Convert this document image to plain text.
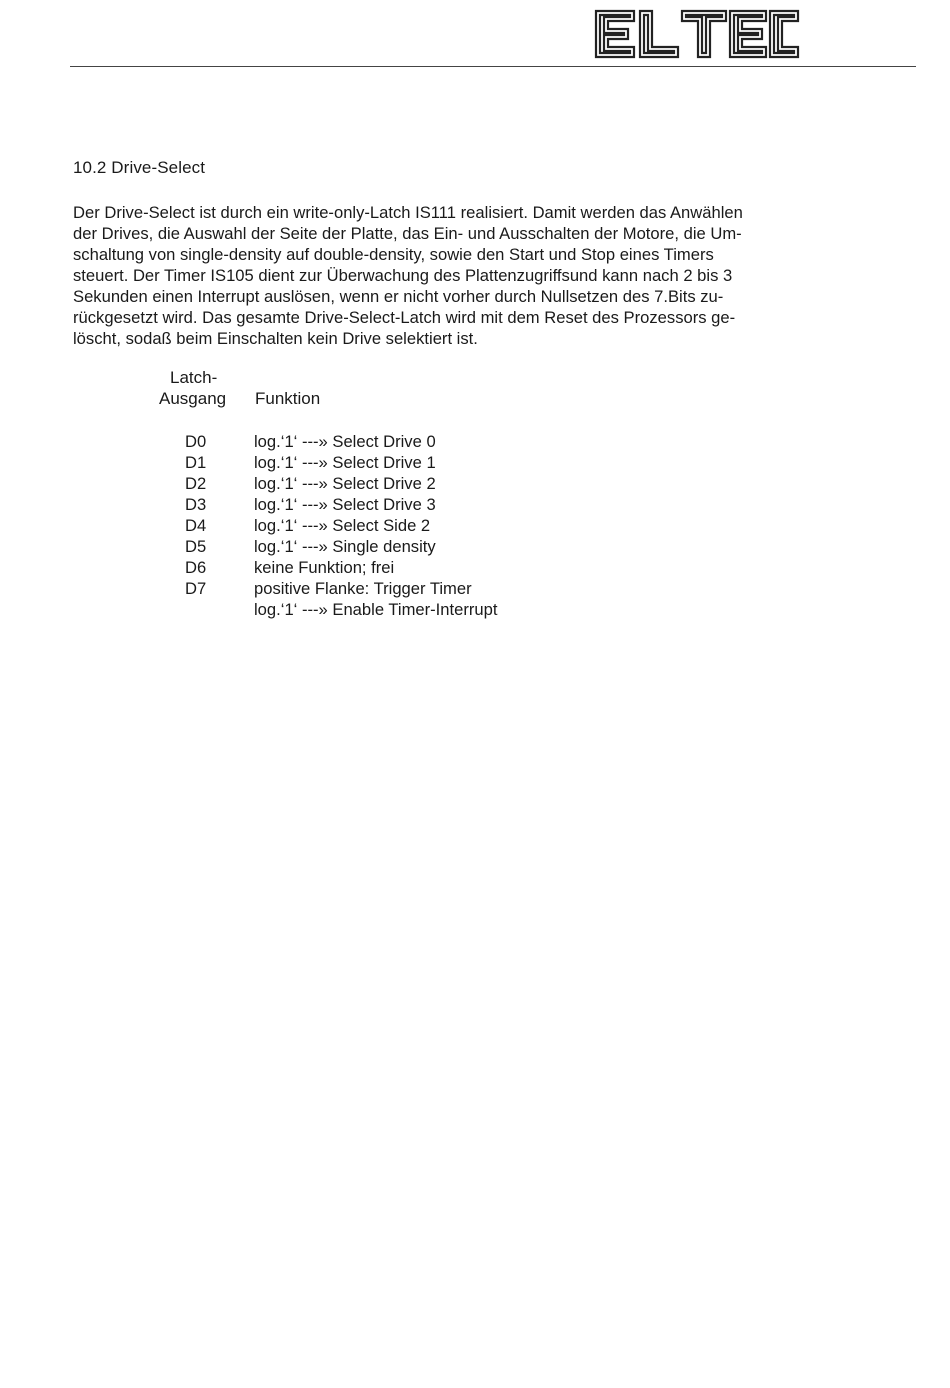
10.2 Drive-Select
Der Drive-Select ist durch ein write-only-Latch IS111 realisiert. Damit werden das Anwählen
der Drives, die Auswahl der Seite der Platte, das Ein- und Ausschalten der Motore, die Um-
schaltung von single-density auf double-density, sowie den Start und Stop eines Timers
steuert. Der Timer IS105 dient zur Überwachung des Plattenzugriffsund kann nach 2 bis 3
Sekunden einen Interrupt auslösen, wenn er nicht vorher durch Nullsetzen des 7.Bits zu-
rückgesetzt wird. Das gesamte Drive-Select-Latch wird mit dem Reset des Prozessors ge-
löscht, sodaß beim Einschalten kein Drive selektiert ist.
Latch-
Ausgang Funktion
D0	log.‘1‘ ---» Select Drive 0
D1	log.‘1‘ ---» Select Drive 1
D2	log.‘1‘ ---» Select Drive 2
D3	log.‘1‘ ---» Select Drive 3
D4	log.‘1‘ ---» Select Side 2
D5	log.‘1‘ ---» Single density
D6	keine Funktion; frei
D7	positive Flanke: Trigger Timer
log.‘1‘ ---» Enable Timer-Interrupt
